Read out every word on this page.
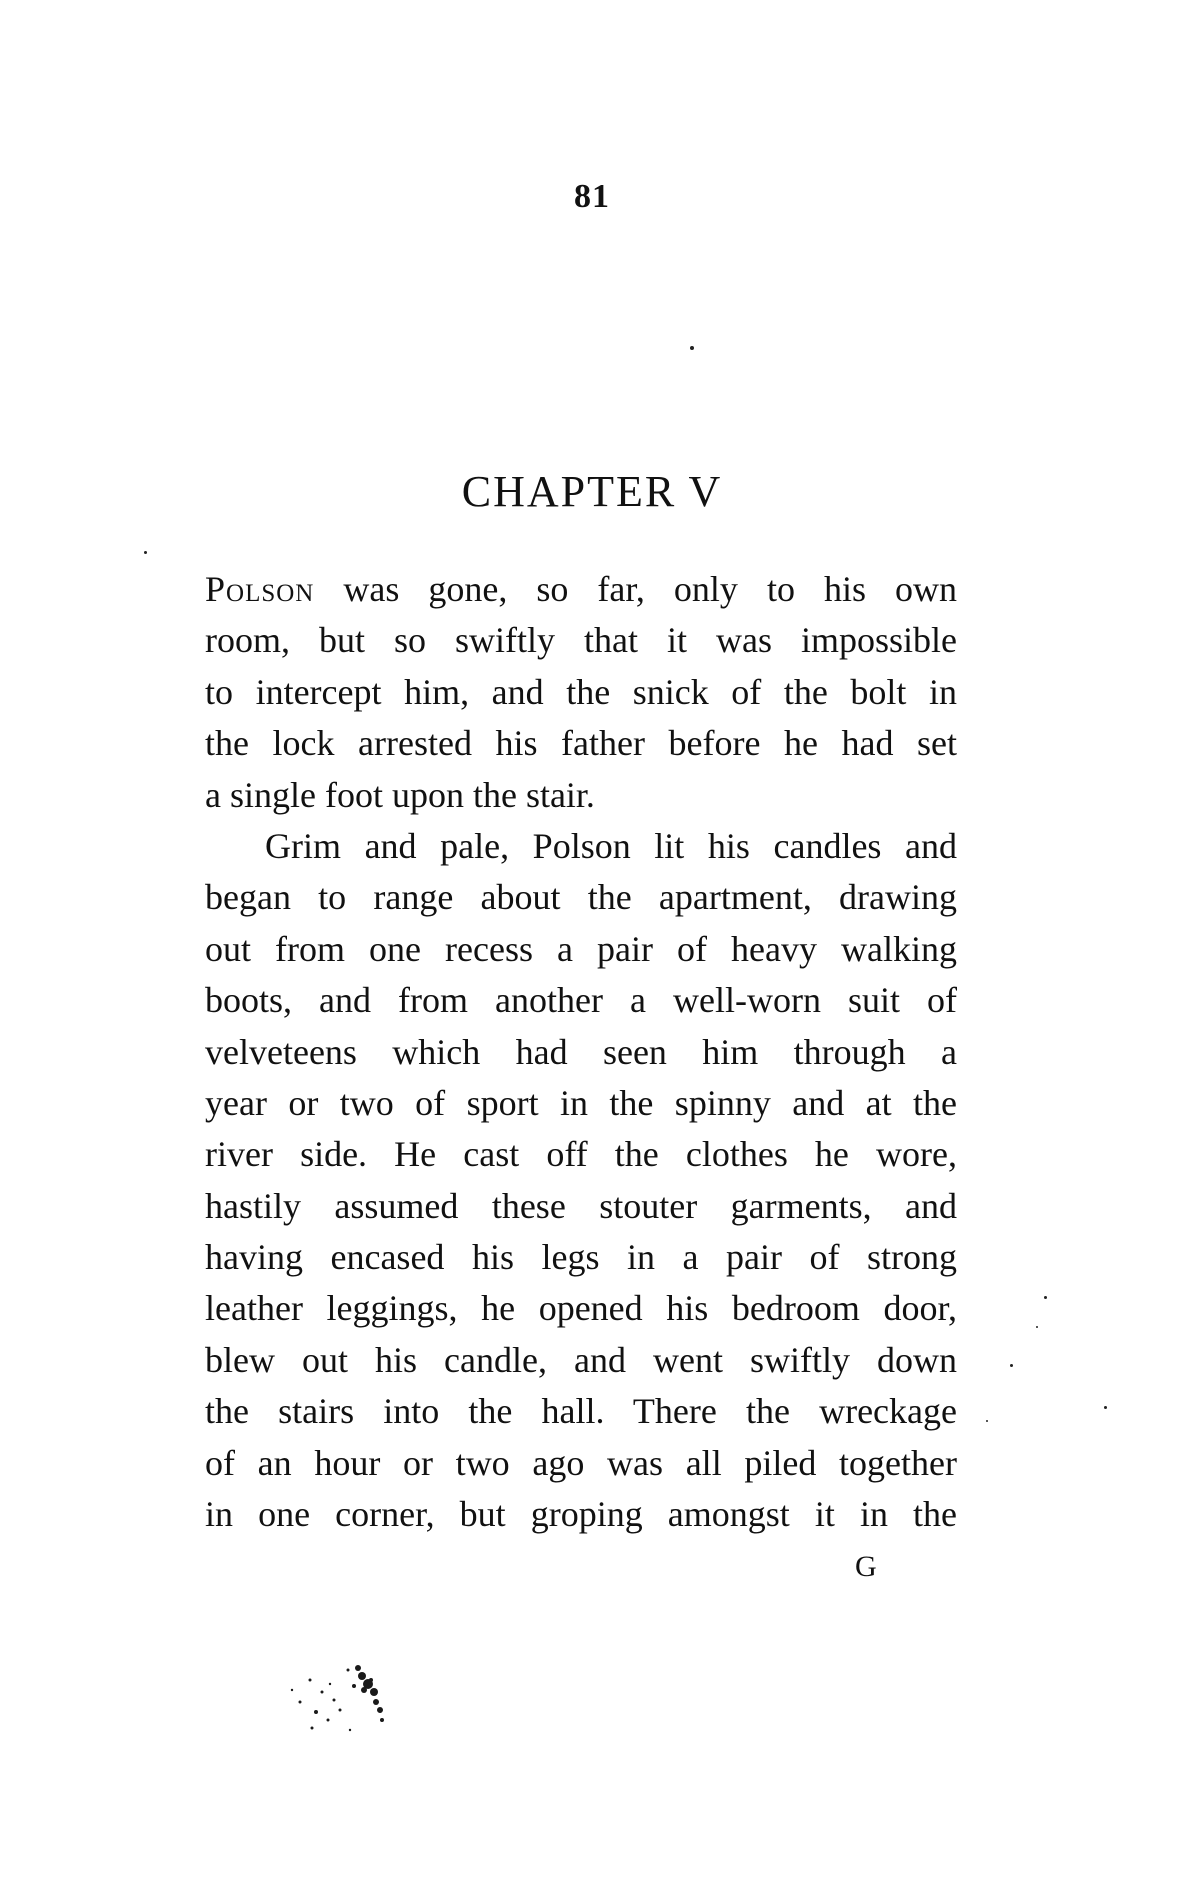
81
CHAPTER V
Polson was gone, so far, only to his own
room, but so swiftly that it was impossible
to intercept him, and the snick of the bolt in
the lock arrested his father before he had set
a single foot upon the stair.
Grim and pale, Polson lit his candles and
began to range about the apartment, drawing
out from one recess a pair of heavy walking
boots, and from another a well-worn suit of
velveteens which had seen him through a
year or two of sport in the spinny and at the
river side. He cast off the clothes he wore,
hastily assumed these stouter garments, and
having encased his legs in a pair of strong
leather leggings, he opened his bedroom door,
blew out his candle, and went swiftly down
the stairs into the hall. There the wreckage
of an hour or two ago was all piled together
in one corner, but groping amongst it in the
G
